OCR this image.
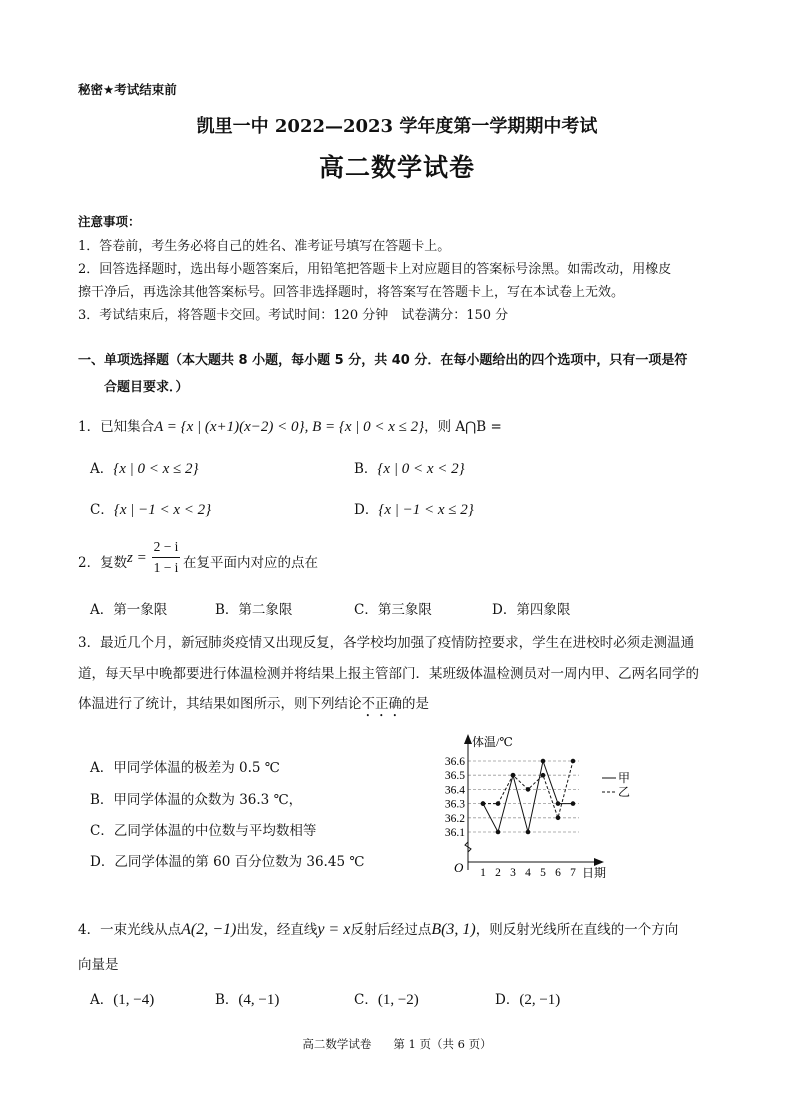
秘密★考试结束前
凯里一中 2022—2023 学年度第一学期期中考试
高二数学试卷
注意事项：
1．答卷前，考生务必将自己的姓名、准考证号填写在答题卡上。
2．回答选择题时，选出每小题答案后，用铅笔把答题卡上对应题目的答案标号涂黑。如需改动，用橡皮
擦干净后，再选涂其他答案标号。回答非选择题时，将答案写在答题卡上，写在本试卷上无效。
3．考试结束后，将答题卡交回。考试时间：120 分钟　试卷满分：150 分
一、单项选择题（本大题共 8 小题，每小题 5 分，共 40 分．在每小题给出的四个选项中，只有一项是符
合题目要求．）
1．已知集合A = {x | (x+1)(x−2) < 0}, B = {x | 0 < x ≤ 2}，则 A⋂B =
A．{x | 0 < x ≤ 2}	B．{x | 0 < x < 2}
C．{x | −1 < x < 2}	D．{x | −1 < x ≤ 2}
2．复数 z =
2 − i
1 − i 在复平面内对应的点在
A．第一象限	B．第二象限	C．第三象限	D．第四象限
3．最近几个月，新冠肺炎疫情又出现反复，各学校均加强了疫情防控要求，学生在进校时必须走测温通
道，每天早中晚都要进行体温检测并将结果上报主管部门．某班级体温检测员对一周内甲、乙两名同学的
体温进行了统计，其结果如图所示，则下列结论不正确的是
A．甲同学体温的极差为 0.5 ℃
B．甲同学体温的众数为 36.3 ℃，
C．乙同学体温的中位数与平均数相等
D．乙同学体温的第 60 百分位数为 36.45 ℃
体温/℃
O	日期
36.1
36.2
36.3
36.4
36.5
36.6
1 2 3 4 5 6 7
甲
乙
4．一束光线从点A(2, −1)出发，经直线y = x反射后经过点B(3, 1)，则反射光线所在直线的一个方向
向量是
A．(1, −4)	B．(4, −1)	C．(1, −2)	D．(2, −1)
高二数学试卷 第 1 页（共 6 页）
